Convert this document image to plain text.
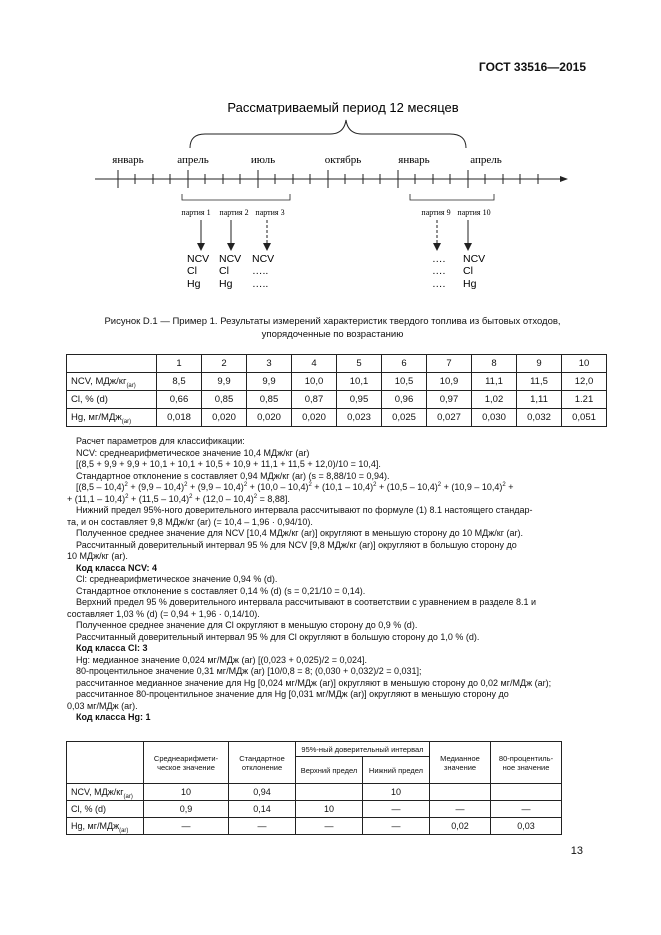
ГОСТ 33516—2015
Рассматриваемый период 12 месяцев
январь	апрель	июль	октябрь	январь	апрель
партия 1 партия 2 партия 3	партия 9 партия 10
NCV
Cl
Hg
NCV
Cl
Hg
NCV
…..
…..
….
….
….
NCV
Cl
Hg
Рисунок D.1 — Пример 1. Результаты измерений характеристик твердого топлива из бытовых отходов,
упорядоченные по возрастанию
	1	2	3	4	5	6	7	8	9	10
NCV, МДж/$кг_{(ar)}$	8,5	9,9	9,9	10,0	10,1	10,5	10,9	11,1	11,5	12,0
Cl, % (d)	0,66	0,85	0,85	0,87	0,95	0,96	0,97	1,02	1,11	1.21
Hg, мг/МДж$_{(ar)}$	0,018	0,020	0,020	0,020	0,023	0,025	0,027	0,030	0,032	0,051

Расчет параметров для классификации:

NCV: среднеарифметическое значение 10,4 МДж/кг (ar)

[(8,5 + 9,9 + 9,9 + 10,1 + 10,1 + 10,5 + 10,9 + 11,1 + 11,5 + 12,0)/10 = 10,4].

Стандартное отклонение s составляет 0,94 МДж/кг (ar) (s = 8,88/10 = 0,94).

[(8,5 – 10,4)$^2$ + (9,9 – 10,4)$^2$ + (9,9 – 10,4)$^2$ + (10,0 – 10,4)$^2$ + (10,1 – 10,4)$^2$ + (10,5 – 10,4)$^2$ + (10,9 – 10,4)$^2$ +

+ (11,1 – 10,4)$^2$ + (11,5 – 10,4)$^2$ + (12,0 – 10,4)$^2$ = 8,88].

Нижний предел 95%-ного доверительного интервала рассчитывают по формуле (1) 8.1 настоящего стандар-

та, и он составляет 9,8 МДж/кг (ar) (= 10,4 – 1,96 · 0,94/10).

Полученное среднее значение для NCV [10,4 МДж/кг (ar)] округляют в меньшую сторону до 10 МДж/кг (ar).

Рассчитанный доверительный интервал 95 % для NCV [9,8 МДж/кг (ar)] округляют в большую сторону до

10 МДж/кг (ar).

Код класса NCV: 4

Cl: среднеарифметическое значение 0,94 % (d).

Стандартное отклонение s составляет 0,14 % (d) (s = 0,21/10 = 0,14).

Верхний предел 95 % доверительного интервала рассчитывают в соответствии с уравнением в разделе 8.1 и

составляет 1,03 % (d) (= 0,94 + 1,96 · 0,14/10).

Полученное среднее значение для Cl округляют в меньшую сторону до 0,9 % (d).

Рассчитанный доверительный интервал 95 % для Cl округляют в большую сторону до 1,0 % (d).

Код класса Cl: 3

Hg: медианное значение 0,024 мг/МДж (ar) [(0,023 + 0,025)/2 = 0,024].

80-процентильное значение 0,31 мг/МДж (ar) [10/0,8 = 8; (0,030 + 0,032)/2 = 0,031];

рассчитанное медианное значение для Hg [0,024 мг/МДж (ar)] округляют в меньшую сторону до 0,02 мг/МДж (ar);

рассчитанное 80-процентильное значение для Hg [0,031 мг/МДж (ar)] округляют в меньшую сторону до

0,03 мг/МДж (ar).

Код класса Hg: 1

	Среднеарифмети-ческое значение	Стандартное отклонение	95%-ный доверительный интервал		Медианное значение	80-процентиль-ное значение
			Верхний предел	Нижний предел		
NCV, МДж/$кг_{(ar)}$	10	0,94		10		
Cl, % (d)	0,9	0,14	10	—	—	—
Hg, мг/МДж$_{(ar)}$	—	—	—	—	0,02	0,03
13
